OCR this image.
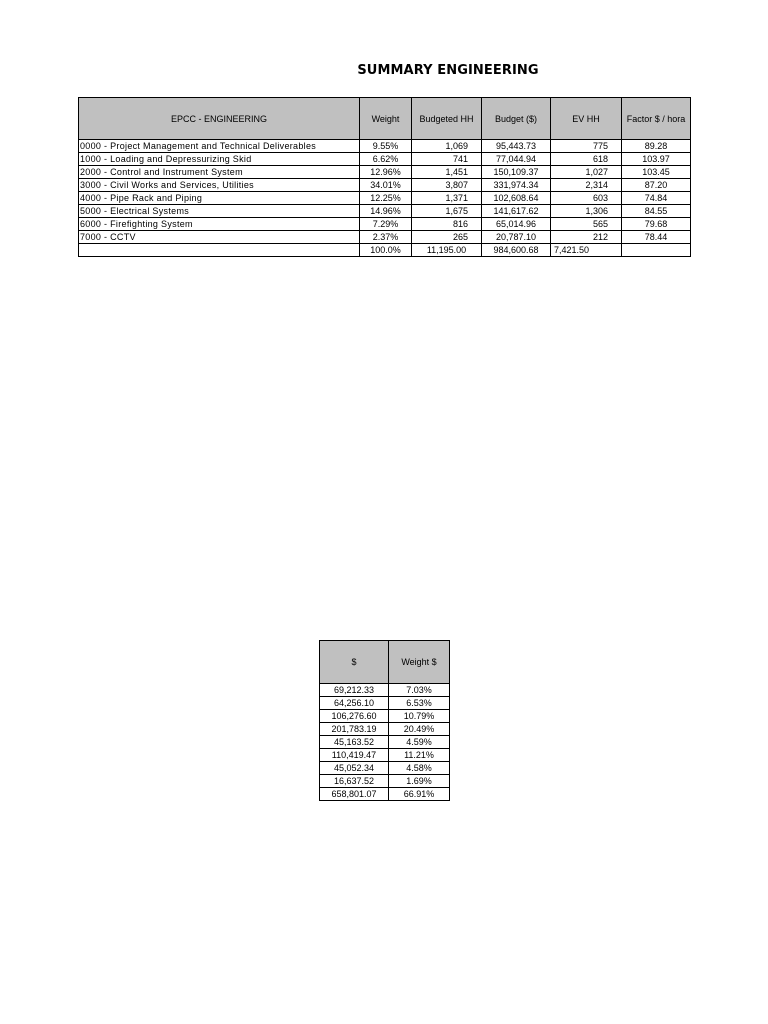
SUMMARY ENGINEERING
EPCC - ENGINEERING	Weight	Budgeted HH	Budget ($)	EV HH	Factor $ / hora
0000 - Project Management and Technical Deliverables	9.55%	1,069	95,443.73	775	89.28
1000 - Loading and Depressurizing Skid	6.62%	741	77,044.94	618	103.97
2000 - Control and Instrument System	12.96%	1,451	150,109.37	1,027	103.45
3000 - Civil Works and Services, Utilities	34.01%	3,807	331,974.34	2,314	87.20
4000 - Pipe Rack and Piping	12.25%	1,371	102,608.64	603	74.84
5000 - Electrical Systems	14.96%	1,675	141,617.62	1,306	84.55
6000 - Firefighting System	7.29%	816	65,014.96	565	79.68
7000 - CCTV	2.37%	265	20,787.10	212	78.44
	100.0%	11,195.00	984,600.68	7,421.50	
$	Weight $
69,212.33	7.03%
64,256.10	6.53%
106,276.60	10.79%
201,783.19	20.49%
45,163.52	4.59%
110,419.47	11.21%
45,052.34	4.58%
16,637.52	1.69%
658,801.07	66.91%
